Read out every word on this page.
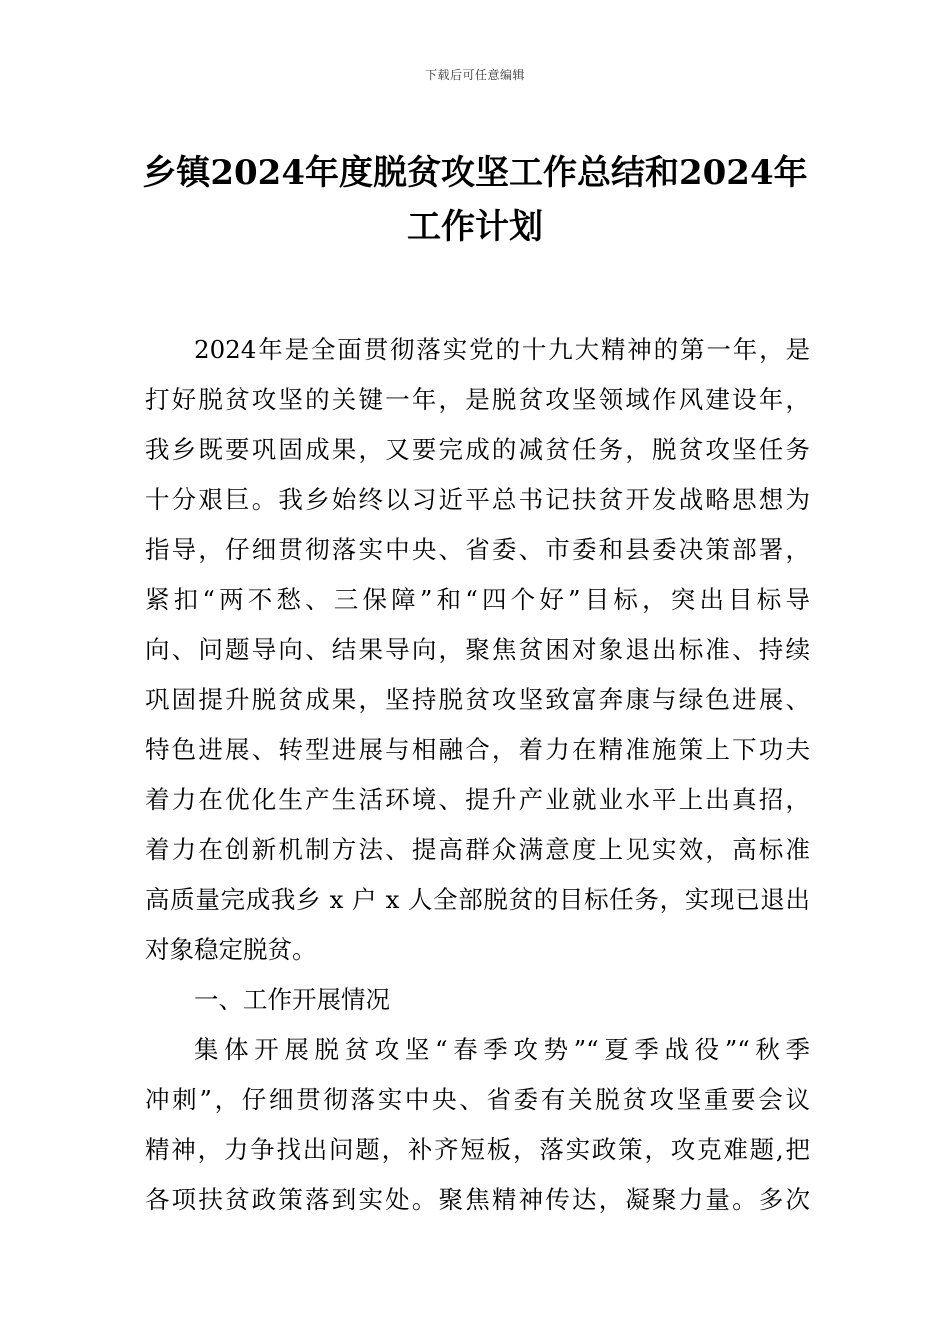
下载后可任意编辑
乡镇2024年度脱贫攻坚工作总结和2024年
工作计划

2024年是全面贯彻落实党的十九大精神的第一年，是
打好脱贫攻坚的关键一年，是脱贫攻坚领域作风建设年，
我乡既要巩固成果，又要完成的减贫任务，脱贫攻坚任务
十分艰巨。我乡始终以习近平总书记扶贫开发战略思想为
指导，仔细贯彻落实中央、省委、市委和县委决策部署，
紧扣“两不愁、三保障”和“四个好”目标，突出目标导
向、问题导向、结果导向，聚焦贫困对象退出标准、持续
巩固提升脱贫成果，坚持脱贫攻坚致富奔康与绿色进展、
特色进展、转型进展与相融合，着力在精准施策上下功夫
着力在优化生产生活环境、提升产业就业水平上出真招，
着力在创新机制方法、提高群众满意度上见实效，高标准
高质量完成我乡 x 户 x 人全部脱贫的目标任务，实现已退出
对象稳定脱贫。

一、工作开展情况

集体开展脱贫攻坚“春季攻势”“夏季战役”“秋季
冲刺”，仔细贯彻落实中央、省委有关脱贫攻坚重要会议
精神，力争找出问题，补齐短板，落实政策，攻克难题,把
各项扶贫政策落到实处。聚焦精神传达，凝聚力量。多次
